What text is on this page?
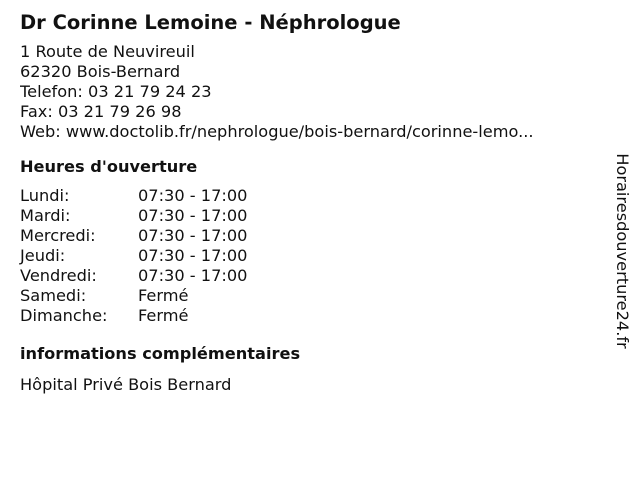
Dr Corinne Lemoine - Néphrologue
1 Route de Neuvireuil
62320 Bois-Bernard
Telefon: 03 21 79 24 23
Fax: 03 21 79 26 98
Web: www.doctolib.fr/nephrologue/bois-bernard/corinne-lemo...
Heures d'ouverture
Lundi:	07:30 - 17:00
Mardi:	07:30 - 17:00
Mercredi:	07:30 - 17:00
Jeudi:	07:30 - 17:00
Vendredi:	07:30 - 17:00
Samedi:	Fermé
Dimanche:	Fermé
informations complémentaires
Hôpital Privé Bois Bernard
Horairesdouverture24.fr
